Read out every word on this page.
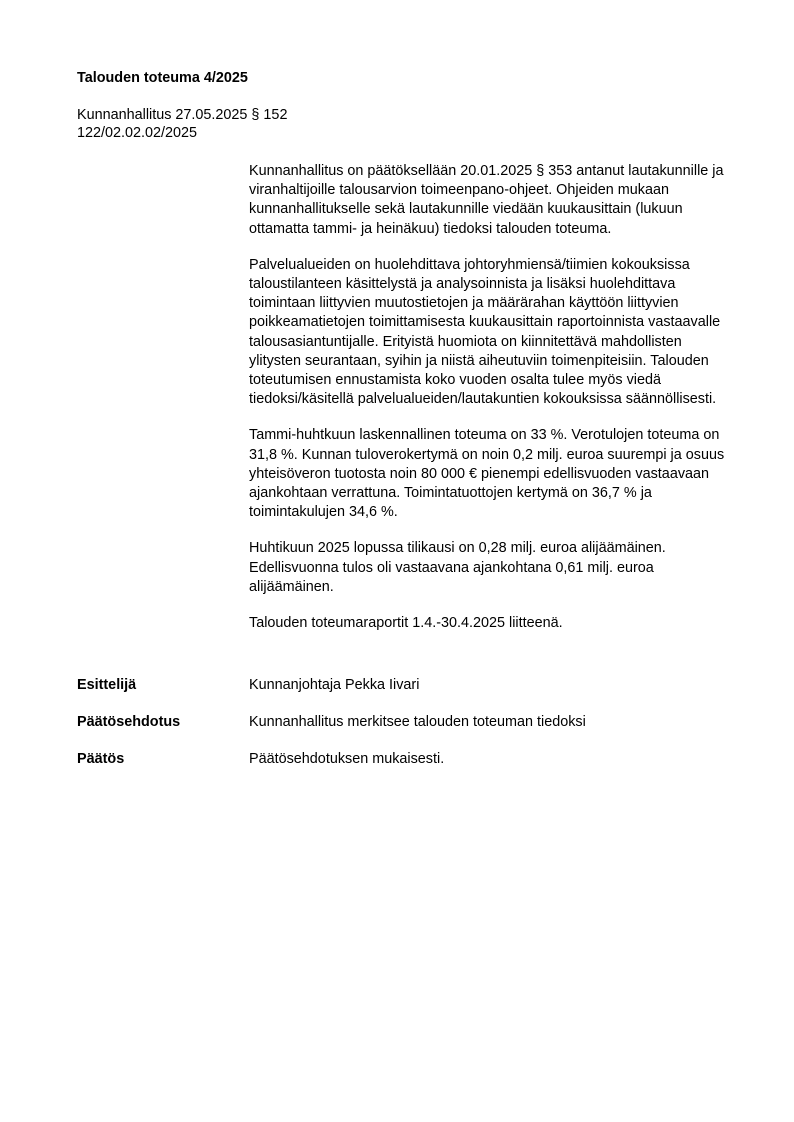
Talouden toteuma 4/2025
Kunnanhallitus 27.05.2025 § 152
122/02.02.02/2025

Kunnanhallitus on päätöksellään 20.01.2025 § 353 antanut lautakunnille ja viranhaltijoille talousarvion toimeenpano-ohjeet. Ohjeiden mukaan kunnanhallitukselle sekä lautakunnille viedään kuukausittain (lukuun ottamatta tammi- ja heinäkuu) tiedoksi talouden toteuma.

Palvelualueiden on huolehdittava johtoryhmiensä/tiimien kokouksissa taloustilanteen käsittelystä ja analysoinnista ja lisäksi huolehdittava toimintaan liittyvien muutostietojen ja määrärahan käyttöön liittyvien poikkeamatietojen toimittamisesta kuukausittain raportoinnista vastaavalle talousasiantuntijalle. Erityistä huomiota on kiinnitettävä mahdollisten ylitysten seurantaan, syihin ja niistä aiheutuviin toimenpiteisiin. Talouden toteutumisen ennustamista koko vuoden osalta tulee myös viedä tiedoksi/käsitellä palvelualueiden/lautakuntien kokouksissa säännöllisesti.

Tammi-huhtkuun laskennallinen toteuma on 33 %. Verotulojen toteuma on 31,8 %. Kunnan tuloverokertymä on noin 0,2 milj. euroa suurempi ja osuus yhteisöveron tuotosta noin 80 000 € pienempi edellisvuoden vastaavaan ajankohtaan verrattuna. Toimintatuottojen kertymä on 36,7 % ja toimintakulujen 34,6 %.

Huhtikuun 2025 lopussa tilikausi on 0,28 milj. euroa alijäämäinen. Edellisvuonna tulos oli vastaavana ajankohtana 0,61 milj. euroa alijäämäinen.

Talouden toteumaraportit 1.4.-30.4.2025 liitteenä.

Esittelijä	Kunnanjohtaja Pekka Iivari
Päätösehdotus	Kunnanhallitus merkitsee talouden toteuman tiedoksi
Päätös	Päätösehdotuksen mukaisesti.
